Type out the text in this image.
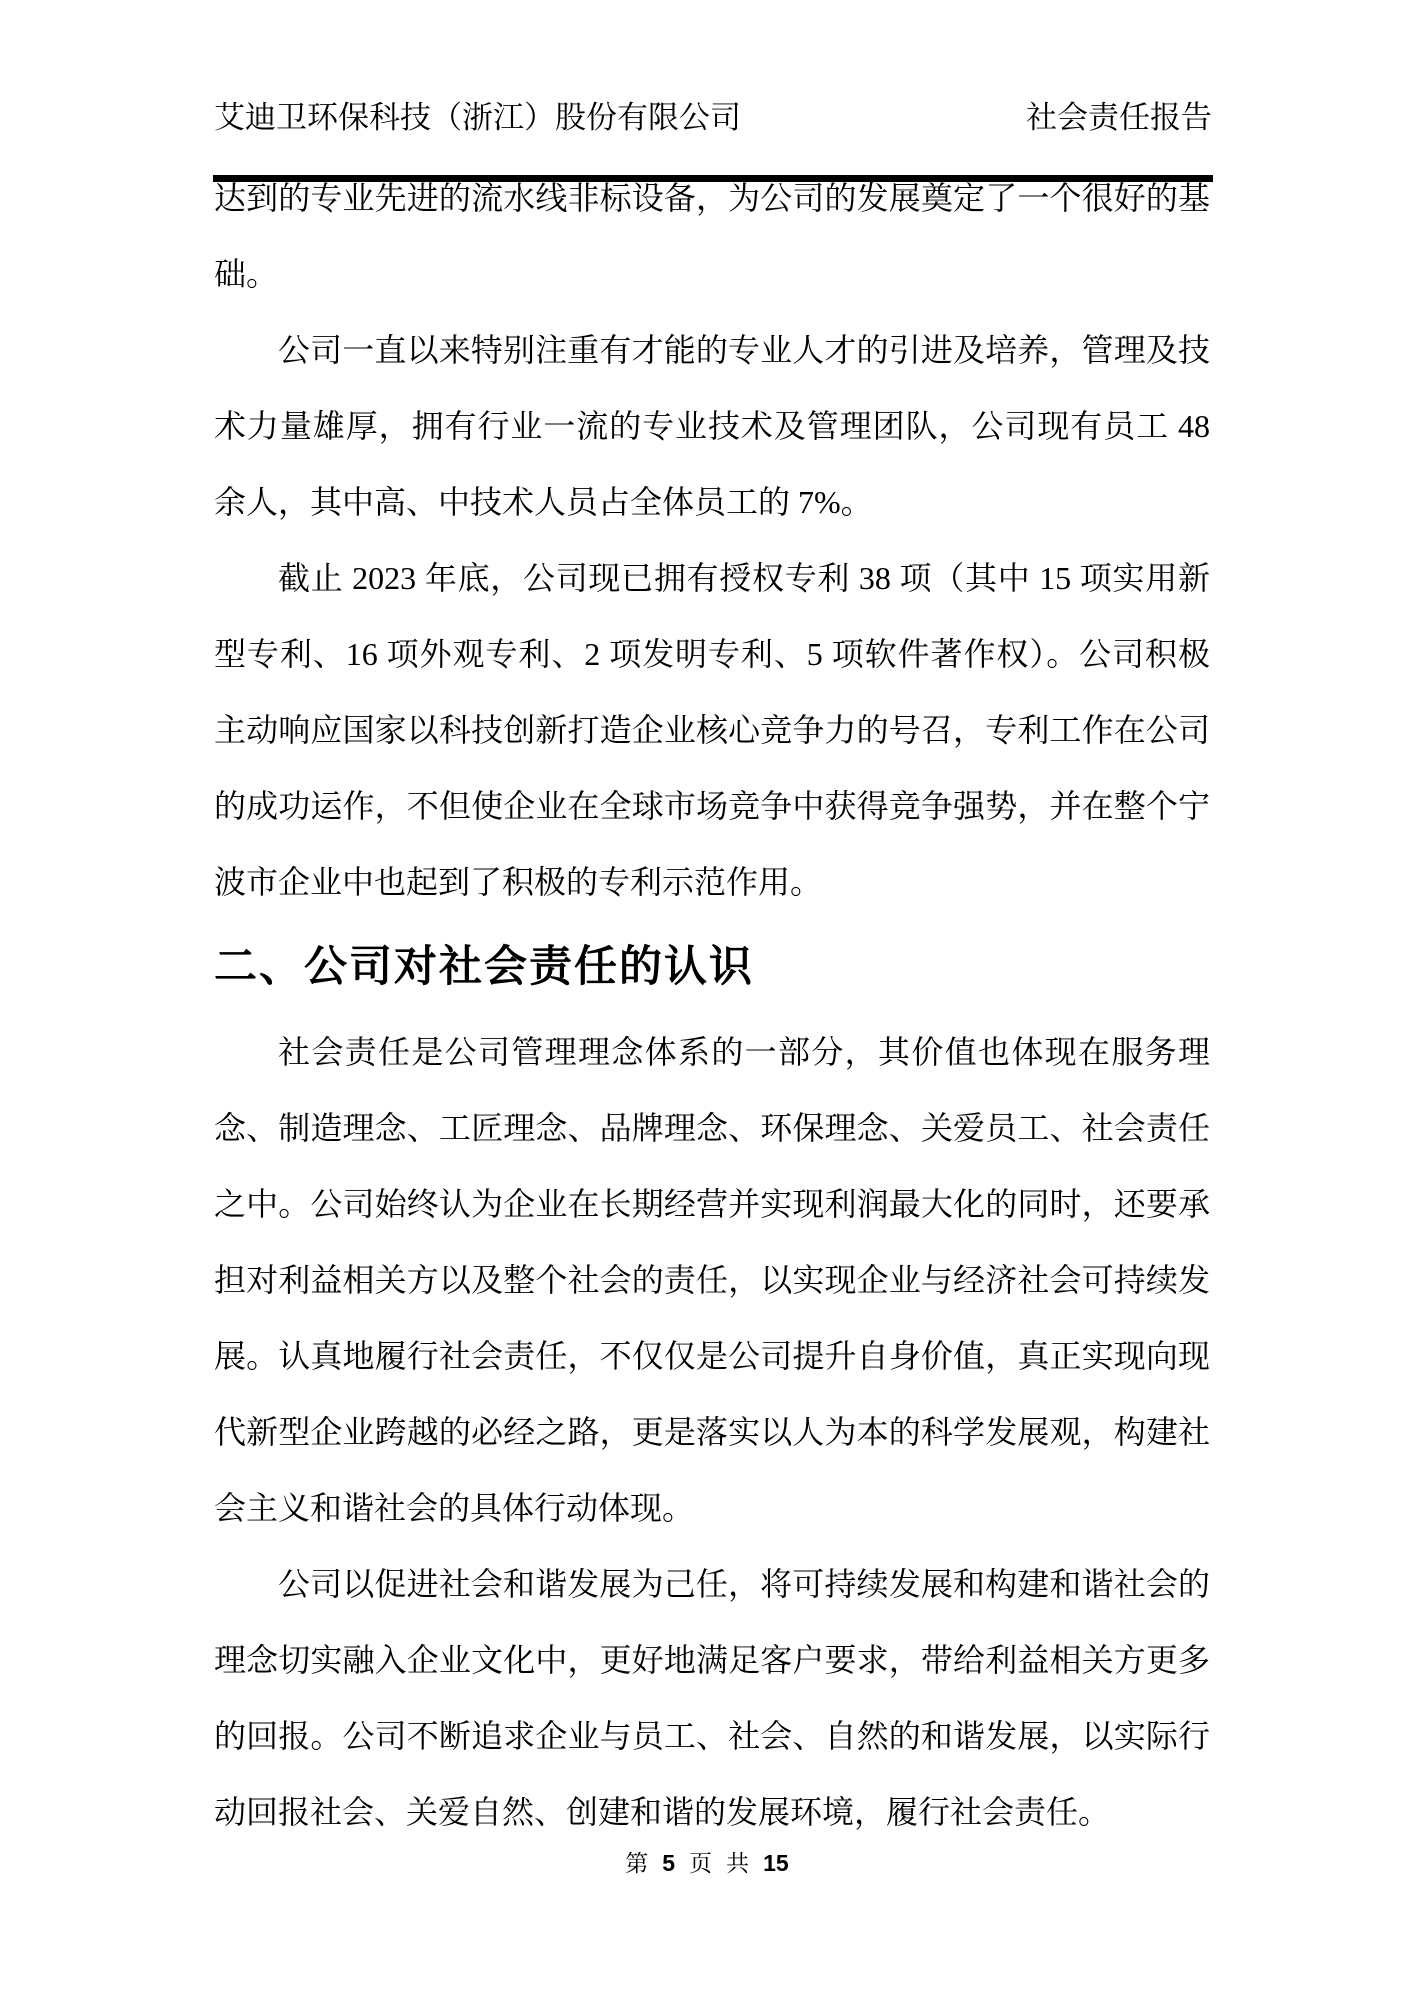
艾迪卫环保科技（浙江）股份有限公司	社会责任报告

达到的专业先进的流水线非标设备，为公司的发展奠定了一个很好的基础。

公司一直以来特别注重有才能的专业人才的引进及培养，管理及技术力量雄厚，拥有行业一流的专业技术及管理团队，公司现有员工 48 余人，其中高、中技术人员占全体员工的 7%。

截止 2023 年底，公司现已拥有授权专利 38 项（其中 15 项实用新型专利、16 项外观专利、2 项发明专利、5 项软件著作权）。公司积极主动响应国家以科技创新打造企业核心竞争力的号召，专利工作在公司的成功运作，不但使企业在全球市场竞争中获得竞争强势，并在整个宁波市企业中也起到了积极的专利示范作用。

二、公司对社会责任的认识

社会责任是公司管理理念体系的一部分，其价值也体现在服务理念、制造理念、工匠理念、品牌理念、环保理念、关爱员工、社会责任之中。公司始终认为企业在长期经营并实现利润最大化的同时，还要承担对利益相关方以及整个社会的责任，以实现企业与经济社会可持续发展。认真地履行社会责任，不仅仅是公司提升自身价值，真正实现向现代新型企业跨越的必经之路，更是落实以人为本的科学发展观，构建社会主义和谐社会的具体行动体现。

公司以促进社会和谐发展为己任，将可持续发展和构建和谐社会的理念切实融入企业文化中，更好地满足客户要求，带给利益相关方更多的回报。公司不断追求企业与员工、社会、自然的和谐发展，以实际行动回报社会、关爱自然、创建和谐的发展环境，履行社会责任。

第 5 页 共 15
